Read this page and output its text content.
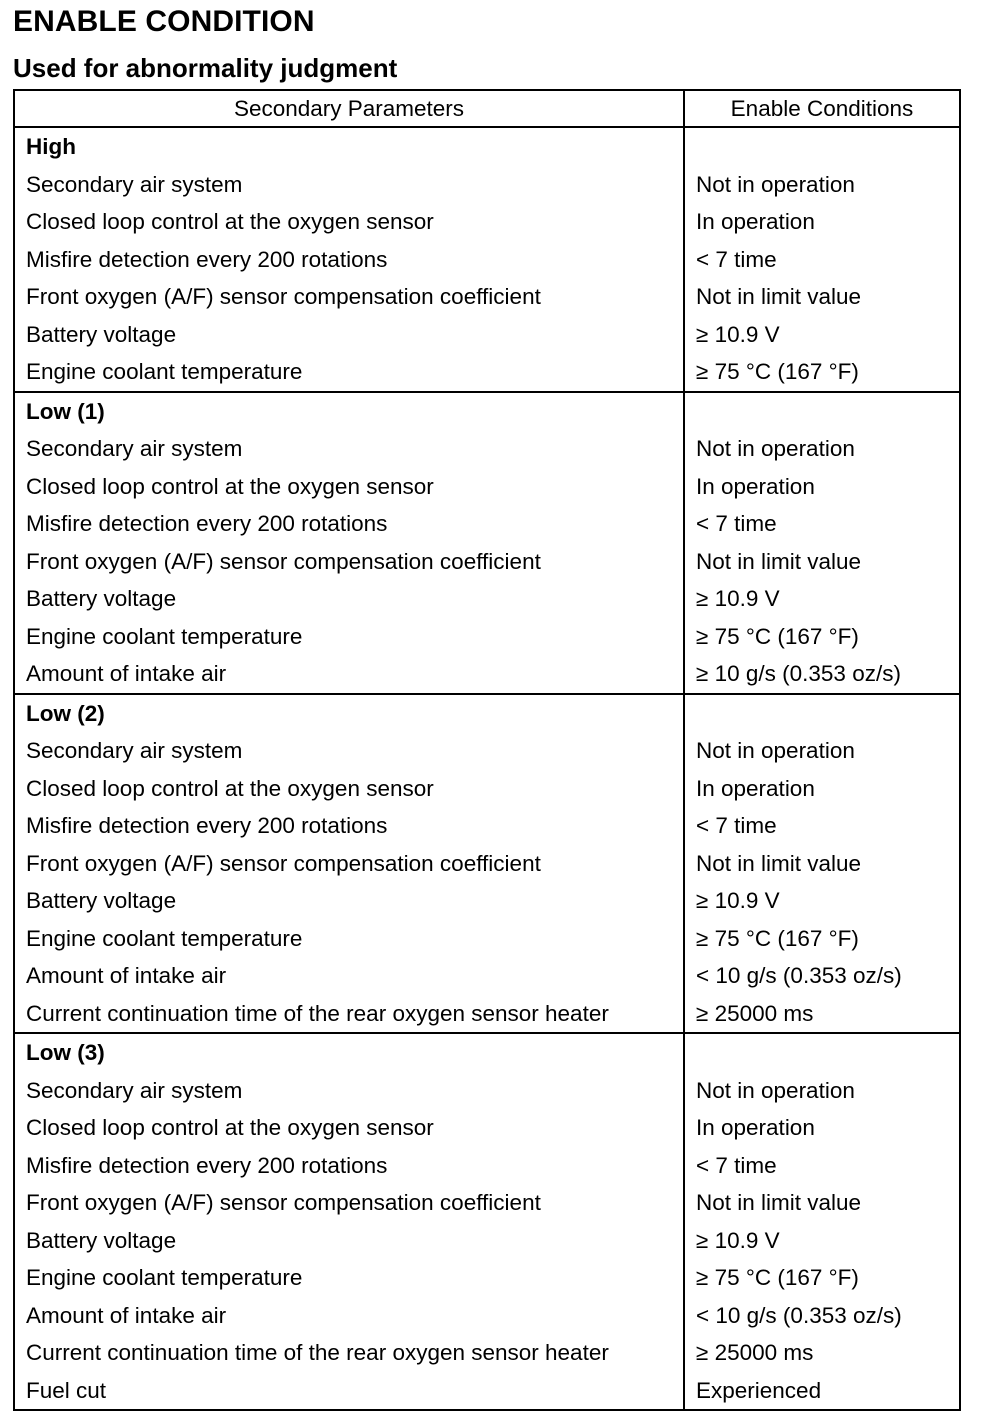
ENABLE CONDITION
Used for abnormality judgment
Secondary Parameters	Enable Conditions
High	
Secondary air system	Not in operation
Closed loop control at the oxygen sensor	In operation
Misfire detection every 200 rotations	< 7 time
Front oxygen (A/F) sensor compensation coefficient	Not in limit value
Battery voltage	≥ 10.9 V
Engine coolant temperature	≥ 75 °C (167 °F)
Low (1)	
Secondary air system	Not in operation
Closed loop control at the oxygen sensor	In operation
Misfire detection every 200 rotations	< 7 time
Front oxygen (A/F) sensor compensation coefficient	Not in limit value
Battery voltage	≥ 10.9 V
Engine coolant temperature	≥ 75 °C (167 °F)
Amount of intake air	≥ 10 g/s (0.353 oz/s)
Low (2)	
Secondary air system	Not in operation
Closed loop control at the oxygen sensor	In operation
Misfire detection every 200 rotations	< 7 time
Front oxygen (A/F) sensor compensation coefficient	Not in limit value
Battery voltage	≥ 10.9 V
Engine coolant temperature	≥ 75 °C (167 °F)
Amount of intake air	< 10 g/s (0.353 oz/s)
Current continuation time of the rear oxygen sensor heater	≥ 25000 ms
Low (3)	
Secondary air system	Not in operation
Closed loop control at the oxygen sensor	In operation
Misfire detection every 200 rotations	< 7 time
Front oxygen (A/F) sensor compensation coefficient	Not in limit value
Battery voltage	≥ 10.9 V
Engine coolant temperature	≥ 75 °C (167 °F)
Amount of intake air	< 10 g/s (0.353 oz/s)
Current continuation time of the rear oxygen sensor heater	≥ 25000 ms
Fuel cut	Experienced
